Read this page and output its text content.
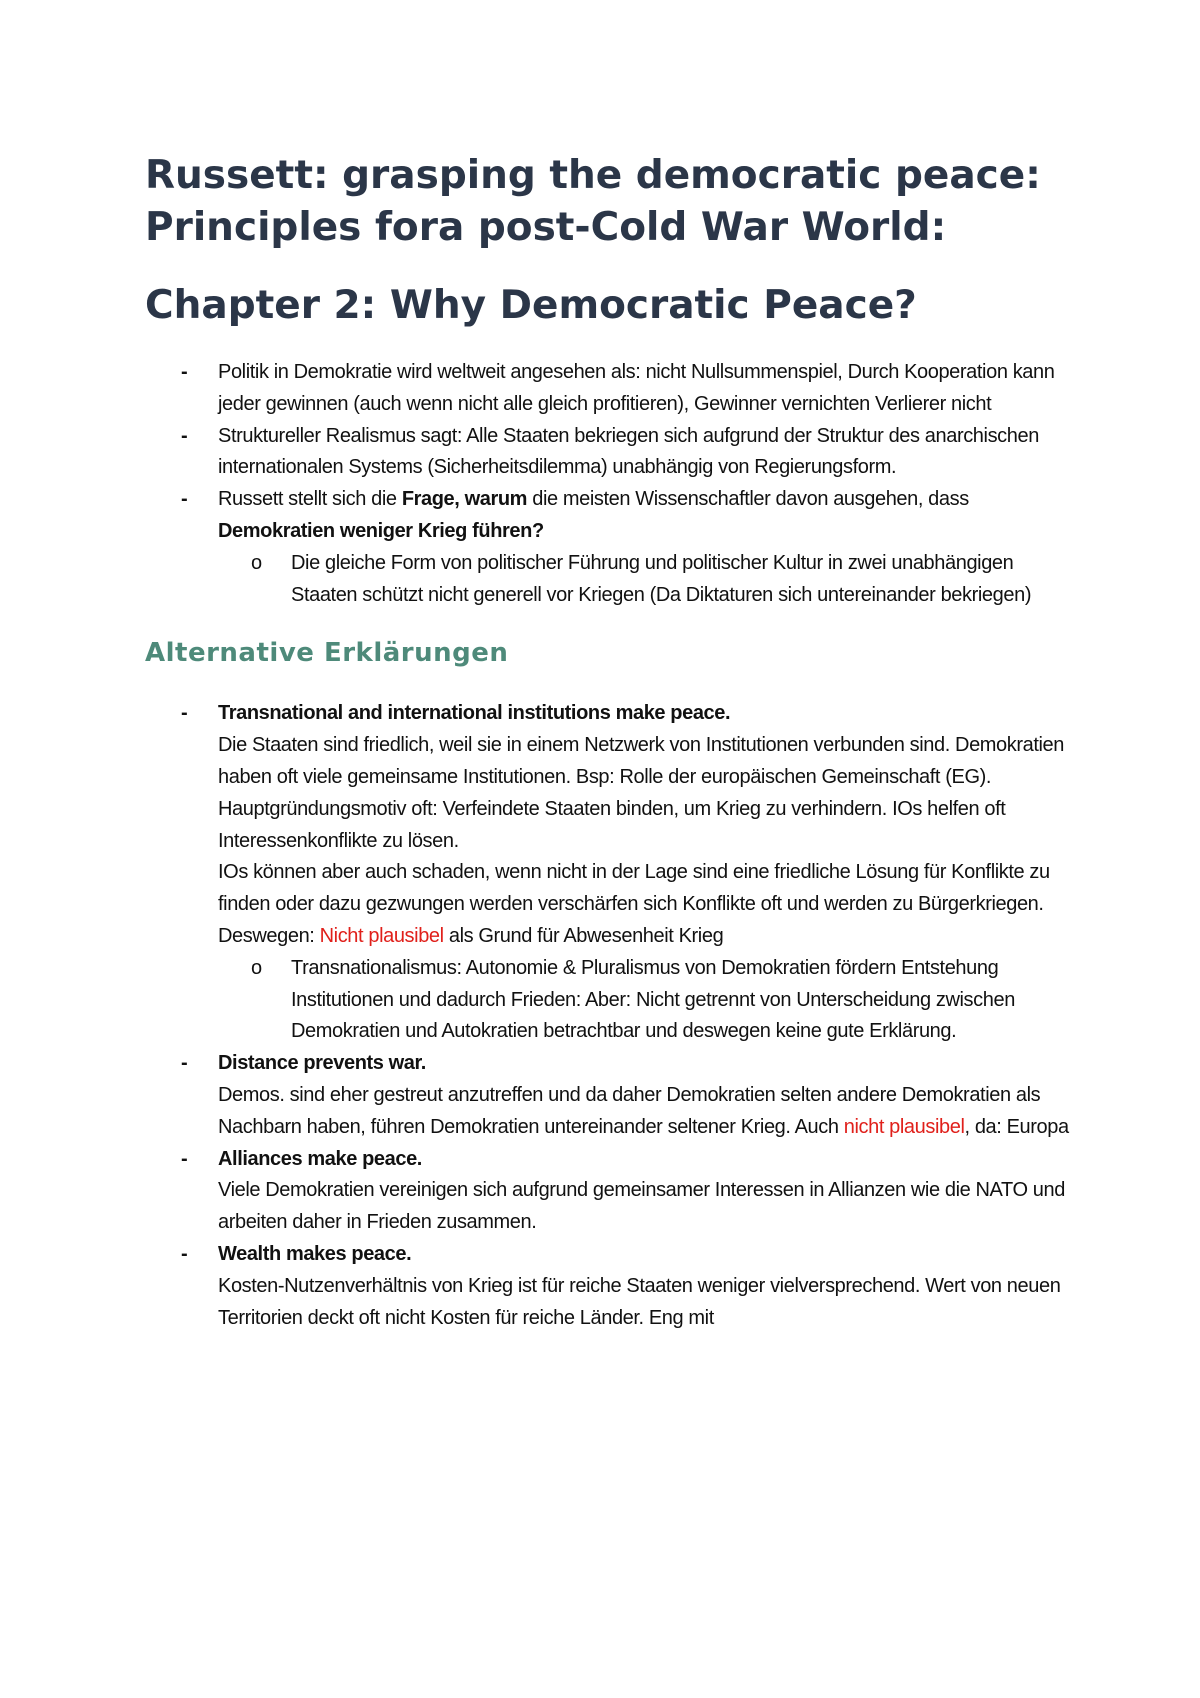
Russett: grasping the democratic peace: Principles fora post-Cold War World:
Chapter 2: Why Democratic Peace?
- Politik in Demokratie wird weltweit angesehen als: nicht Nullsummenspiel, Durch Kooperation kann jeder gewinnen (auch wenn nicht alle gleich profitieren), Gewinner vernichten Verlierer nicht
- Struktureller Realismus sagt: Alle Staaten bekriegen sich aufgrund der Struktur des anarchischen internationalen Systems (Sicherheitsdilemma) unabhängig von Regierungsform.
- Russett stellt sich die Frage, warum die meisten Wissenschaftler davon ausgehen, dass Demokratien weniger Krieg führen?
o Die gleiche Form von politischer Führung und politischer Kultur in zwei unabhängigen Staaten schützt nicht generell vor Kriegen (Da Diktaturen sich untereinander bekriegen)
Alternative Erklärungen
- Transnational and international institutions make peace.
Die Staaten sind friedlich, weil sie in einem Netzwerk von Institutionen verbunden sind. Demokratien haben oft viele gemeinsame Institutionen. Bsp: Rolle der europäischen Gemeinschaft (EG). Hauptgründungsmotiv oft: Verfeindete Staaten binden, um Krieg zu verhindern. IOs helfen oft Interessenkonflikte zu lösen.
IOs können aber auch schaden, wenn nicht in der Lage sind eine friedliche Lösung für Konflikte zu finden oder dazu gezwungen werden verschärfen sich Konflikte oft und werden zu Bürgerkriegen.
Deswegen: Nicht plausibel als Grund für Abwesenheit Krieg
o Transnationalismus: Autonomie & Pluralismus von Demokratien fördern Entstehung Institutionen und dadurch Frieden: Aber: Nicht getrennt von Unterscheidung zwischen Demokratien und Autokratien betrachtbar und deswegen keine gute Erklärung.
- Distance prevents war.
Demos. sind eher gestreut anzutreffen und da daher Demokratien selten andere Demokratien als Nachbarn haben, führen Demokratien untereinander seltener Krieg. Auch nicht plausibel, da: Europa
- Alliances make peace.
Viele Demokratien vereinigen sich aufgrund gemeinsamer Interessen in Allianzen wie die NATO und arbeiten daher in Frieden zusammen.
- Wealth makes peace.
Kosten-Nutzenverhältnis von Krieg ist für reiche Staaten weniger vielversprechend. Wert von neuen Territorien deckt oft nicht Kosten für reiche Länder. Eng mit
